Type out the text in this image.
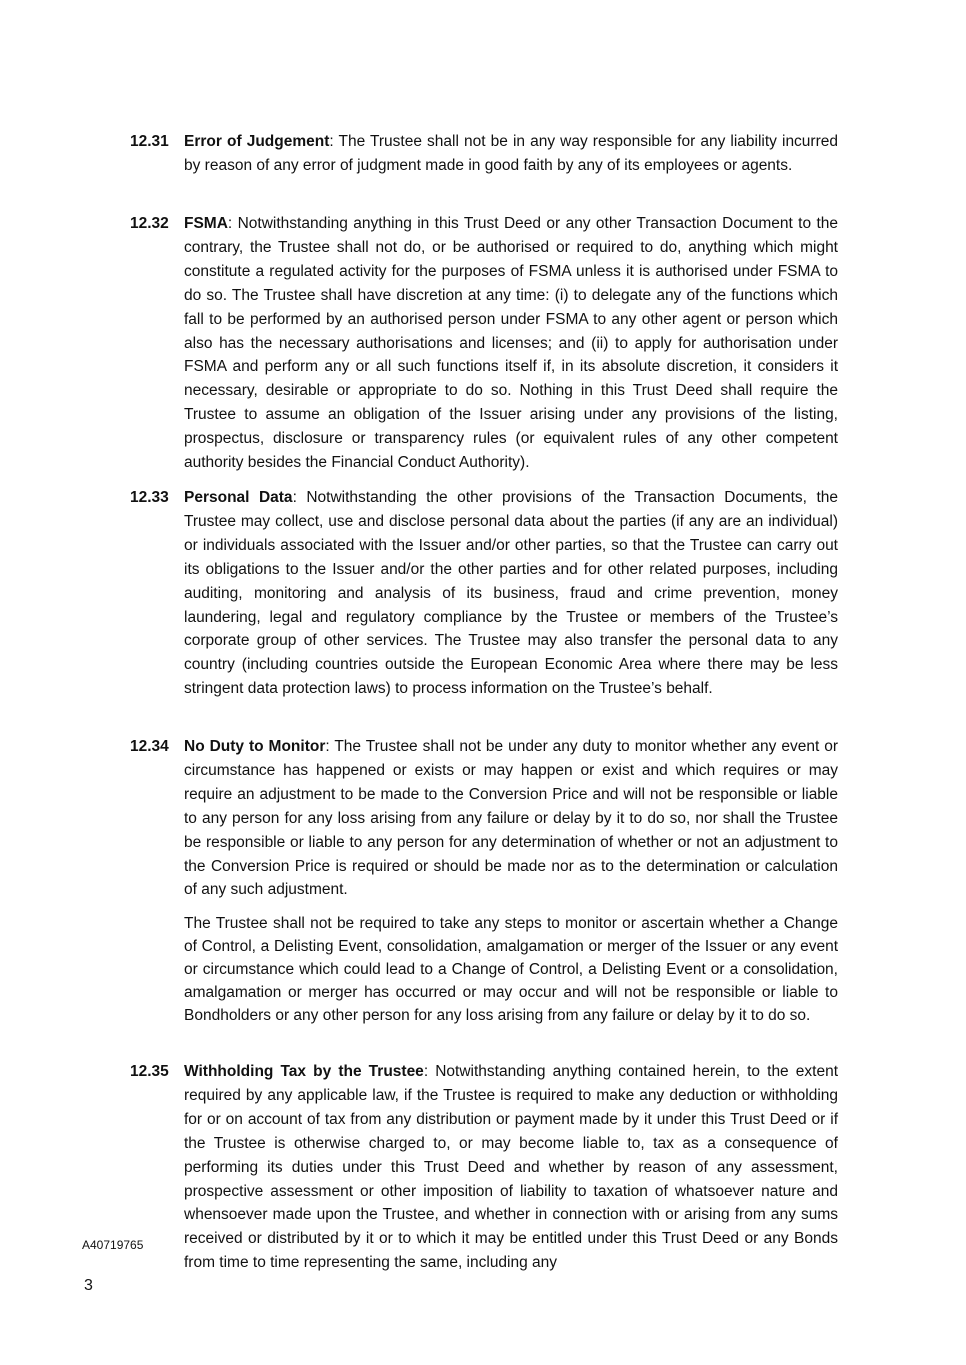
12.31 Error of Judgement: The Trustee shall not be in any way responsible for any liability incurred by reason of any error of judgment made in good faith by any of its employees or agents.
12.32 FSMA: Notwithstanding anything in this Trust Deed or any other Transaction Document to the contrary, the Trustee shall not do, or be authorised or required to do, anything which might constitute a regulated activity for the purposes of FSMA unless it is authorised under FSMA to do so. The Trustee shall have discretion at any time: (i) to delegate any of the functions which fall to be performed by an authorised person under FSMA to any other agent or person which also has the necessary authorisations and licenses; and (ii) to apply for authorisation under FSMA and perform any or all such functions itself if, in its absolute discretion, it considers it necessary, desirable or appropriate to do so. Nothing in this Trust Deed shall require the Trustee to assume an obligation of the Issuer arising under any provisions of the listing, prospectus, disclosure or transparency rules (or equivalent rules of any other competent authority besides the Financial Conduct Authority).
12.33 Personal Data: Notwithstanding the other provisions of the Transaction Documents, the Trustee may collect, use and disclose personal data about the parties (if any are an individual) or individuals associated with the Issuer and/or other parties, so that the Trustee can carry out its obligations to the Issuer and/or the other parties and for other related purposes, including auditing, monitoring and analysis of its business, fraud and crime prevention, money laundering, legal and regulatory compliance by the Trustee or members of the Trustee’s corporate group of other services. The Trustee may also transfer the personal data to any country (including countries outside the European Economic Area where there may be less stringent data protection laws) to process information on the Trustee’s behalf.
12.34 No Duty to Monitor: The Trustee shall not be under any duty to monitor whether any event or circumstance has happened or exists or may happen or exist and which requires or may require an adjustment to be made to the Conversion Price and will not be responsible or liable to any person for any loss arising from any failure or delay by it to do so, nor shall the Trustee be responsible or liable to any person for any determination of whether or not an adjustment to the Conversion Price is required or should be made nor as to the determination or calculation of any such adjustment.
The Trustee shall not be required to take any steps to monitor or ascertain whether a Change of Control, a Delisting Event, consolidation, amalgamation or merger of the Issuer or any event or circumstance which could lead to a Change of Control, a Delisting Event or a consolidation, amalgamation or merger has occurred or may occur and will not be responsible or liable to Bondholders or any other person for any loss arising from any failure or delay by it to do so.
12.35 Withholding Tax by the Trustee: Notwithstanding anything contained herein, to the extent required by any applicable law, if the Trustee is required to make any deduction or withholding for or on account of tax from any distribution or payment made by it under this Trust Deed or if the Trustee is otherwise charged to, or may become liable to, tax as a consequence of performing its duties under this Trust Deed and whether by reason of any assessment, prospective assessment or other imposition of liability to taxation of whatsoever nature and whensoever made upon the Trustee, and whether in connection with or arising from any sums received or distributed by it or to which it may be entitled under this Trust Deed or any Bonds from time to time representing the same, including any
A40719765
3
